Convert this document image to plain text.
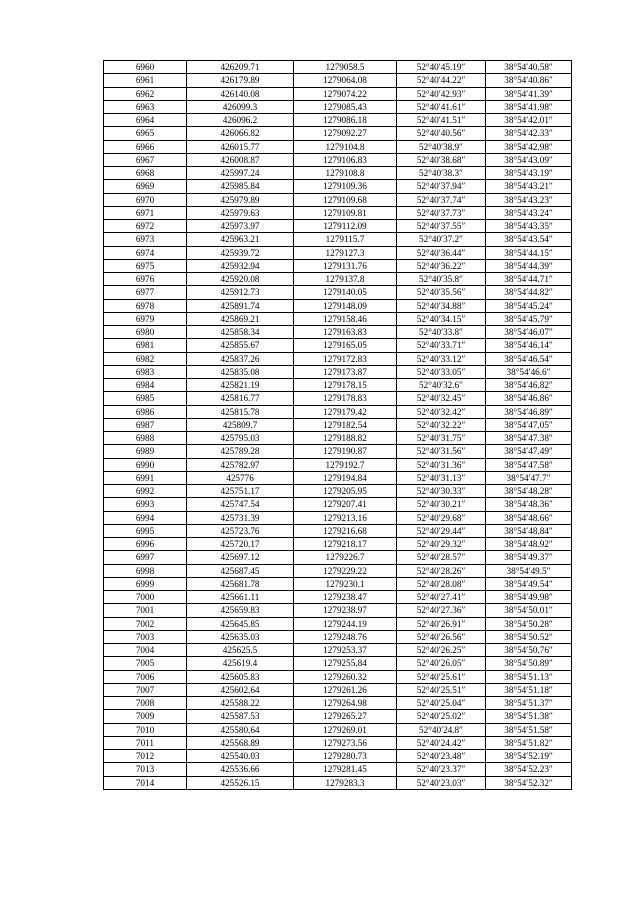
6960	426209.71	1279058.5	52°40′45.19″	38°54′40.58″
6961	426179.89	1279064.08	52°40′44.22″	38°54′40.86″
6962	426140.08	1279074.22	52°40′42.93″	38°54′41.39″
6963	426099.3	1279085.43	52°40′41.61″	38°54′41.98″
6964	426096.2	1279086.18	52°40′41.51″	38°54′42.01″
6965	426066.82	1279092.27	52°40′40.56″	38°54′42.33″
6966	426015.77	1279104.8	52°40′38.9″	38°54′42.98″
6967	426008.87	1279106.83	52°40′38.68″	38°54′43.09″
6968	425997.24	1279108.8	52°40′38.3″	38°54′43.19″
6969	425985.84	1279109.36	52°40′37.94″	38°54′43.21″
6970	425979.89	1279109.68	52°40′37.74″	38°54′43.23″
6971	425979.63	1279109.81	52°40′37.73″	38°54′43.24″
6972	425973.97	1279112.09	52°40′37.55″	38°54′43.35″
6973	425963.21	1279115.7	52°40′37.2″	38°54′43.54″
6974	425939.72	1279127.3	52°40′36.44″	38°54′44.15″
6975	425932.94	1279131.76	52°40′36.22″	38°54′44.39″
6976	425920.08	1279137.8	52°40′35.8″	38°54′44.71″
6977	425912.73	1279140.05	52°40′35.56″	38°54′44.82″
6978	425891.74	1279148.09	52°40′34.88″	38°54′45.24″
6979	425869.21	1279158.46	52°40′34.15″	38°54′45.79″
6980	425858.34	1279163.83	52°40′33.8″	38°54′46.07″
6981	425855.67	1279165.05	52°40′33.71″	38°54′46.14″
6982	425837.26	1279172.83	52°40′33.12″	38°54′46.54″
6983	425835.08	1279173.87	52°40′33.05″	38°54′46.6″
6984	425821.19	1279178.15	52°40′32.6″	38°54′46.82″
6985	425816.77	1279178.83	52°40′32.45″	38°54′46.86″
6986	425815.78	1279179.42	52°40′32.42″	38°54′46.89″
6987	425809.7	1279182.54	52°40′32.22″	38°54′47.05″
6988	425795.03	1279188.82	52°40′31.75″	38°54′47.38″
6989	425789.28	1279190.87	52°40′31.56″	38°54′47.49″
6990	425782.97	1279192.7	52°40′31.36″	38°54′47.58″
6991	425776	1279194.84	52°40′31.13″	38°54′47.7″
6992	425751.17	1279205.95	52°40′30.33″	38°54′48.28″
6993	425747.54	1279207.41	52°40′30.21″	38°54′48.36″
6994	425731.39	1279213.16	52°40′29.68″	38°54′48.66″
6995	425723.76	1279216.68	52°40′29.44″	38°54′48.84″
6996	425720.17	1279218.17	52°40′29.32″	38°54′48.92″
6997	425697.12	1279226.7	52°40′28.57″	38°54′49.37″
6998	425687.45	1279229.22	52°40′28.26″	38°54′49.5″
6999	425681.78	1279230.1	52°40′28.08″	38°54′49.54″
7000	425661.11	1279238.47	52°40′27.41″	38°54′49.98″
7001	425659.83	1279238.97	52°40′27.36″	38°54′50.01″
7002	425645.85	1279244.19	52°40′26.91″	38°54′50.28″
7003	425635.03	1279248.76	52°40′26.56″	38°54′50.52″
7004	425625.5	1279253.37	52°40′26.25″	38°54′50.76″
7005	425619.4	1279255.84	52°40′26.05″	38°54′50.89″
7006	425605.83	1279260.32	52°40′25.61″	38°54′51.13″
7007	425602.64	1279261.26	52°40′25.51″	38°54′51.18″
7008	425588.22	1279264.98	52°40′25.04″	38°54′51.37″
7009	425587.53	1279265.27	52°40′25.02″	38°54′51.38″
7010	425580.64	1279269.01	52°40′24.8″	38°54′51.58″
7011	425568.89	1279273.56	52°40′24.42″	38°54′51.82″
7012	425540.03	1279280.73	52°40′23.48″	38°54′52.19″
7013	425536.66	1279281.45	52°40′23.37″	38°54′52.23″
7014	425526.15	1279283.3	52°40′23.03″	38°54′52.32″
